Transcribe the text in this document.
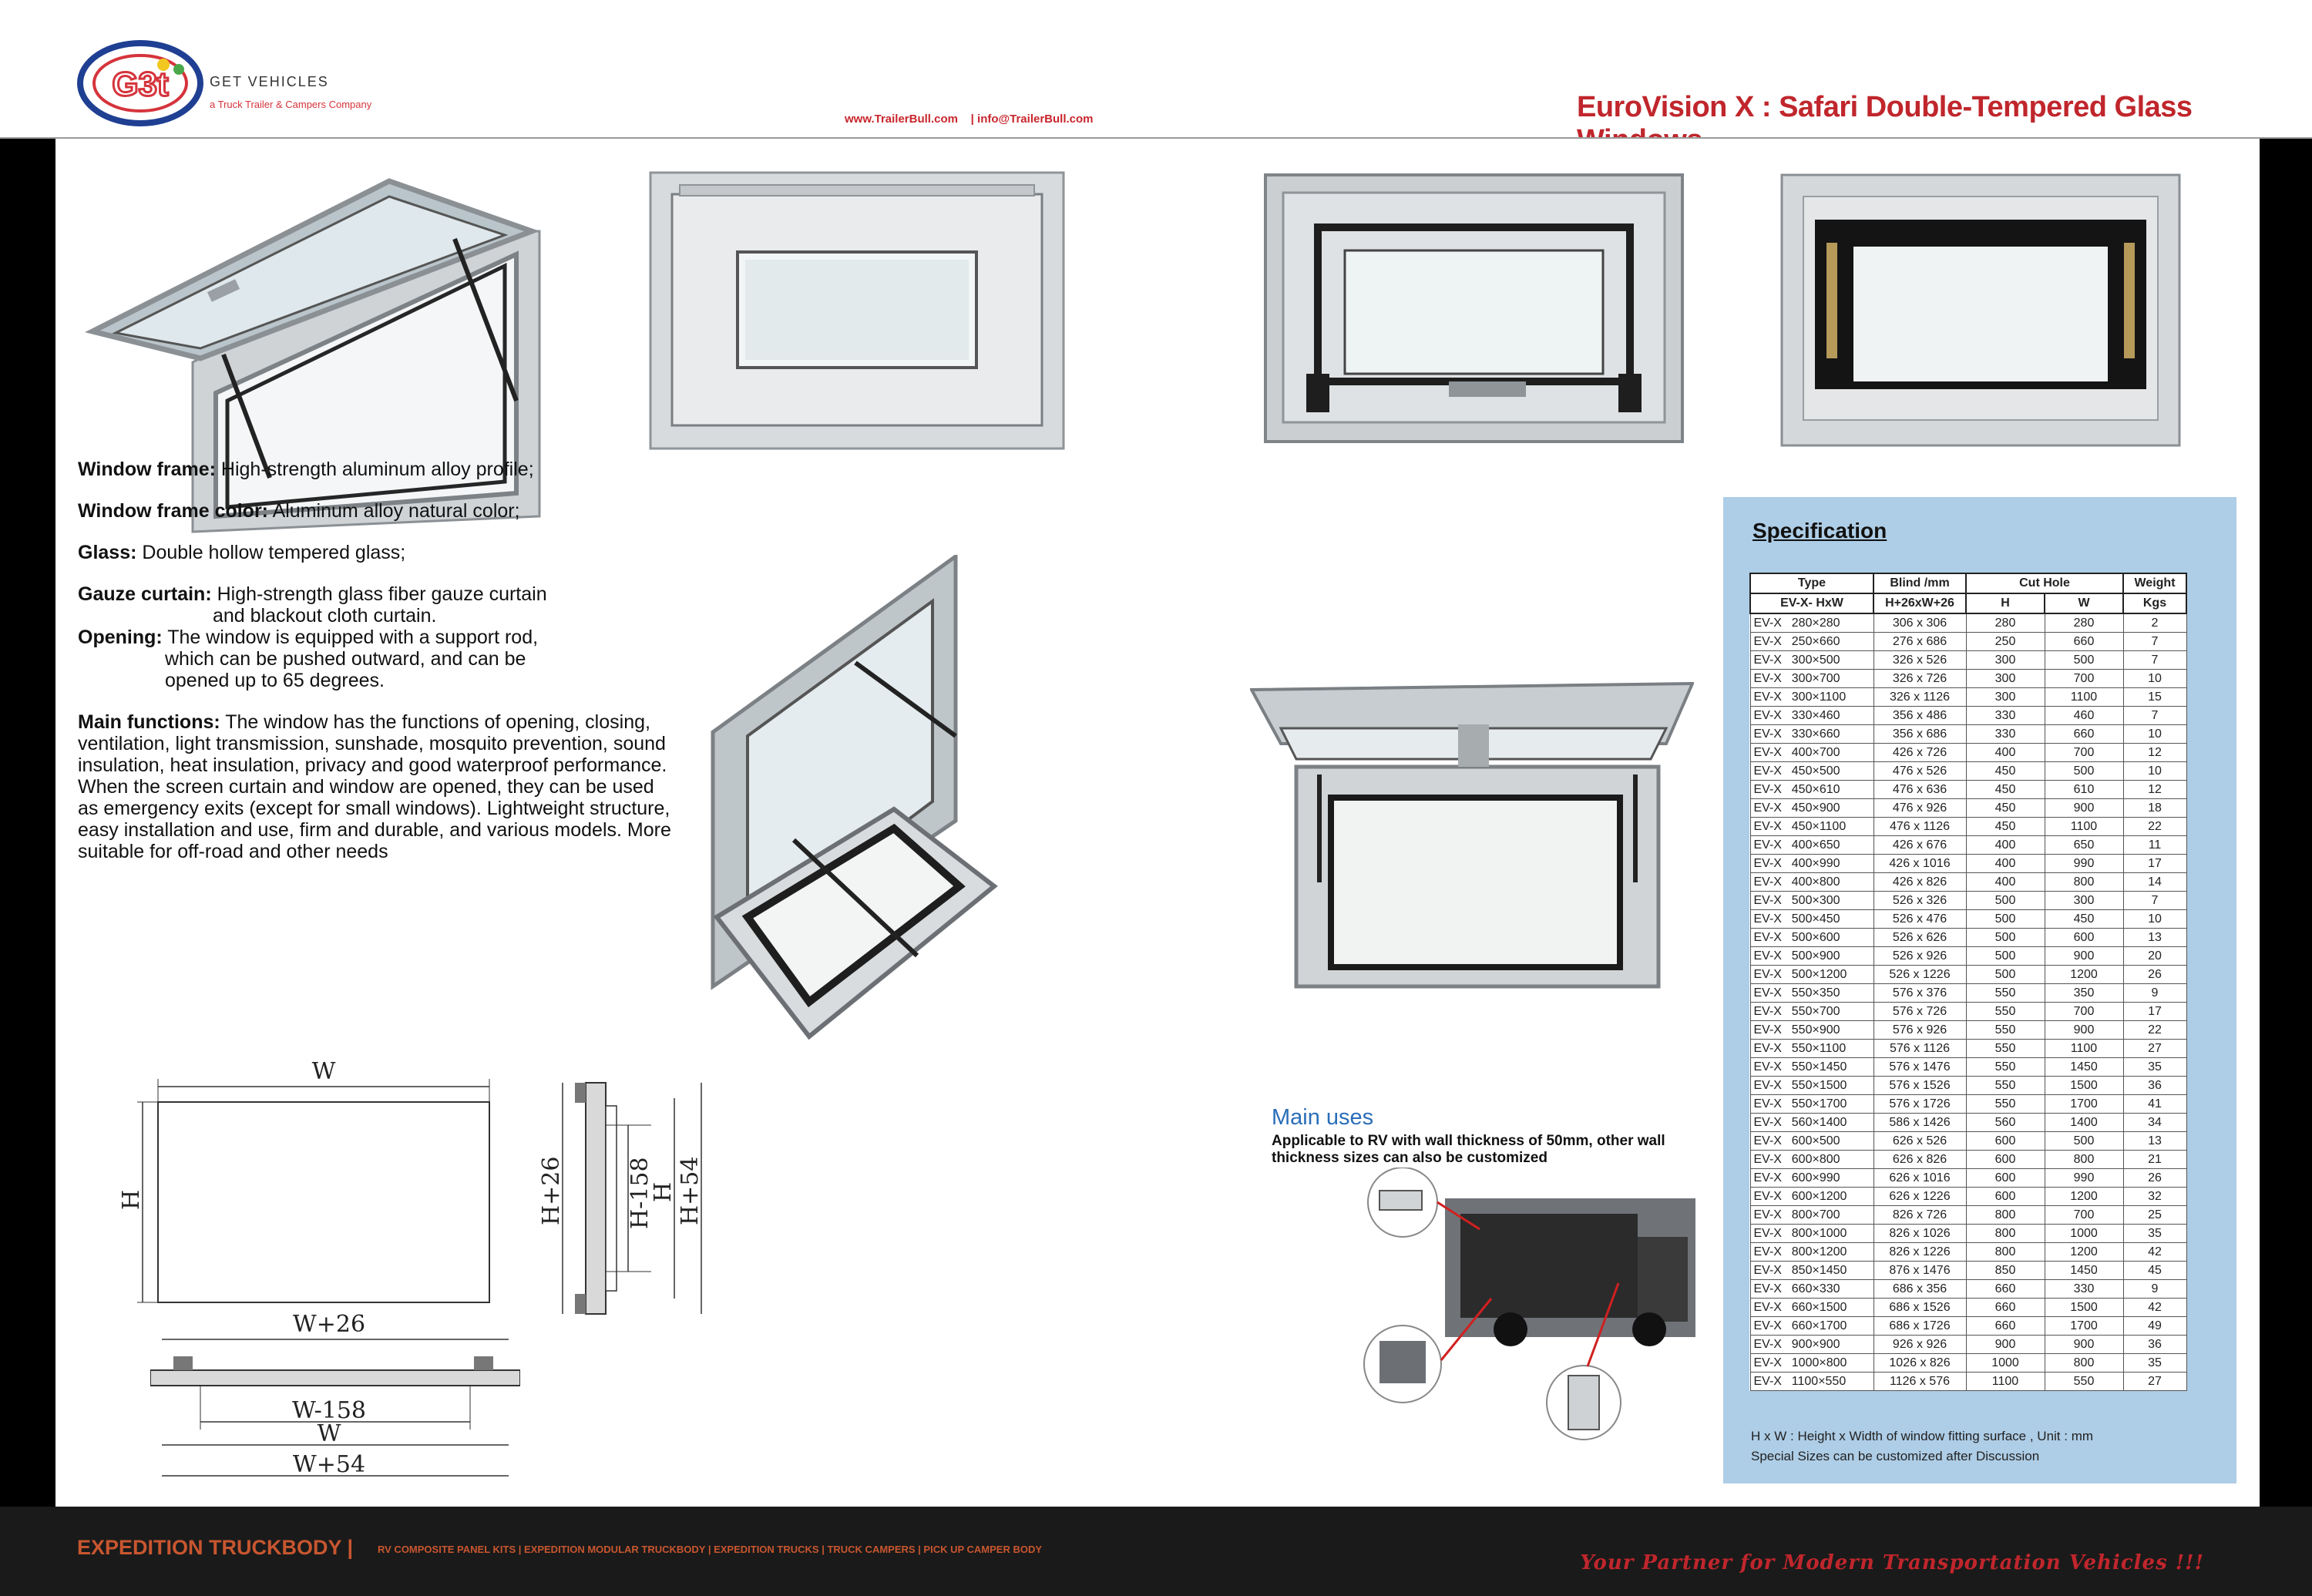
G3t	GET VEHICLES
a Truck Trailer & Campers Company
www.TrailerBull.com | info@TrailerBull.com	EuroVision X : Safari Double-Tempered Glass
Window frame: High-strength aluminum alloy profile;
Window frame color: Aluminum alloy natural color;
Glass: Double hollow tempered glass;
Gauze curtain: High-strength glass fiber gauze curtain
and blackout cloth curtain.
Opening: The window is equipped with a support rod,
which can be pushed outward, and can be
opened up to 65 degrees.
Main functions: The window has the functions of opening, closing, ventilation, light transmission, sunshade, mosquito prevention, sound insulation, heat insulation, privacy and good waterproof performance. When the screen curtain and window are opened, they can be used as emergency exits (except for small windows). Lightweight structure, easy installation and use, firm and durable, and various models. More suitable for off-road and other needs
W
H	H+26	H-158
H H+54
W+26
W-158
W
W+54
Main uses
Applicable to RV with wall thickness of 50mm, other wall thickness sizes can also be customized
Specification
Type		Blind /mm	Cut Hole		Weight
EV-X- HxW		H+26xW+26	H	W	Kgs
EV-X	280×280	306 x 306	280	280	2
EV-X	250×660	276 x 686	250	660	7
EV-X	300×500	326 x 526	300	500	7
EV-X	300×700	326 x 726	300	700	10
EV-X	300×1100	326 x 1126	300	1100	15
EV-X	330×460	356 x 486	330	460	7
EV-X	330×660	356 x 686	330	660	10
EV-X	400×700	426 x 726	400	700	12
EV-X	450×500	476 x 526	450	500	10
EV-X	450×610	476 x 636	450	610	12
EV-X	450×900	476 x 926	450	900	18
EV-X	450×1100	476 x 1126	450	1100	22
EV-X	400×650	426 x 676	400	650	11
EV-X	400×990	426 x 1016	400	990	17
EV-X	400×800	426 x 826	400	800	14
EV-X	500×300	526 x 326	500	300	7
EV-X	500×450	526 x 476	500	450	10
EV-X	500×600	526 x 626	500	600	13
EV-X	500×900	526 x 926	500	900	20
EV-X	500×1200	526 x 1226	500	1200	26
EV-X	550×350	576 x 376	550	350	9
EV-X	550×700	576 x 726	550	700	17
EV-X	550×900	576 x 926	550	900	22
EV-X	550×1100	576 x 1126	550	1100	27
EV-X	550×1450	576 x 1476	550	1450	35
EV-X	550×1500	576 x 1526	550	1500	36
EV-X	550×1700	576 x 1726	550	1700	41
EV-X	560×1400	586 x 1426	560	1400	34
EV-X	600×500	626 x 526	600	500	13
EV-X	600×800	626 x 826	600	800	21
EV-X	600×990	626 x 1016	600	990	26
EV-X	600×1200	626 x 1226	600	1200	32
EV-X	800×700	826 x 726	800	700	25
EV-X	800×1000	826 x 1026	800	1000	35
EV-X	800×1200	826 x 1226	800	1200	42
EV-X	850×1450	876 x 1476	850	1450	45
EV-X	660×330	686 x 356	660	330	9
EV-X	660×1500	686 x 1526	660	1500	42
EV-X	660×1700	686 x 1726	660	1700	49
EV-X	900×900	926 x 926	900	900	36
EV-X	1000×800	1026 x 826	1000	800	35
EV-X	1100×550	1126 x 576	1100	550	27
H x W : Height x Width of window fitting surface , Unit : mm
Special Sizes can be customized after Discussion
EXPEDITION TRUCKBODY | RV COMPOSITE PANEL KITS | EXPEDITION MODULAR TRUCKBODY | EXPEDITION TRUCKS | TRUCK CAMPERS | PICK UP CAMPER BODY
Your Partner for Modern Transportation Vehicles !!!
